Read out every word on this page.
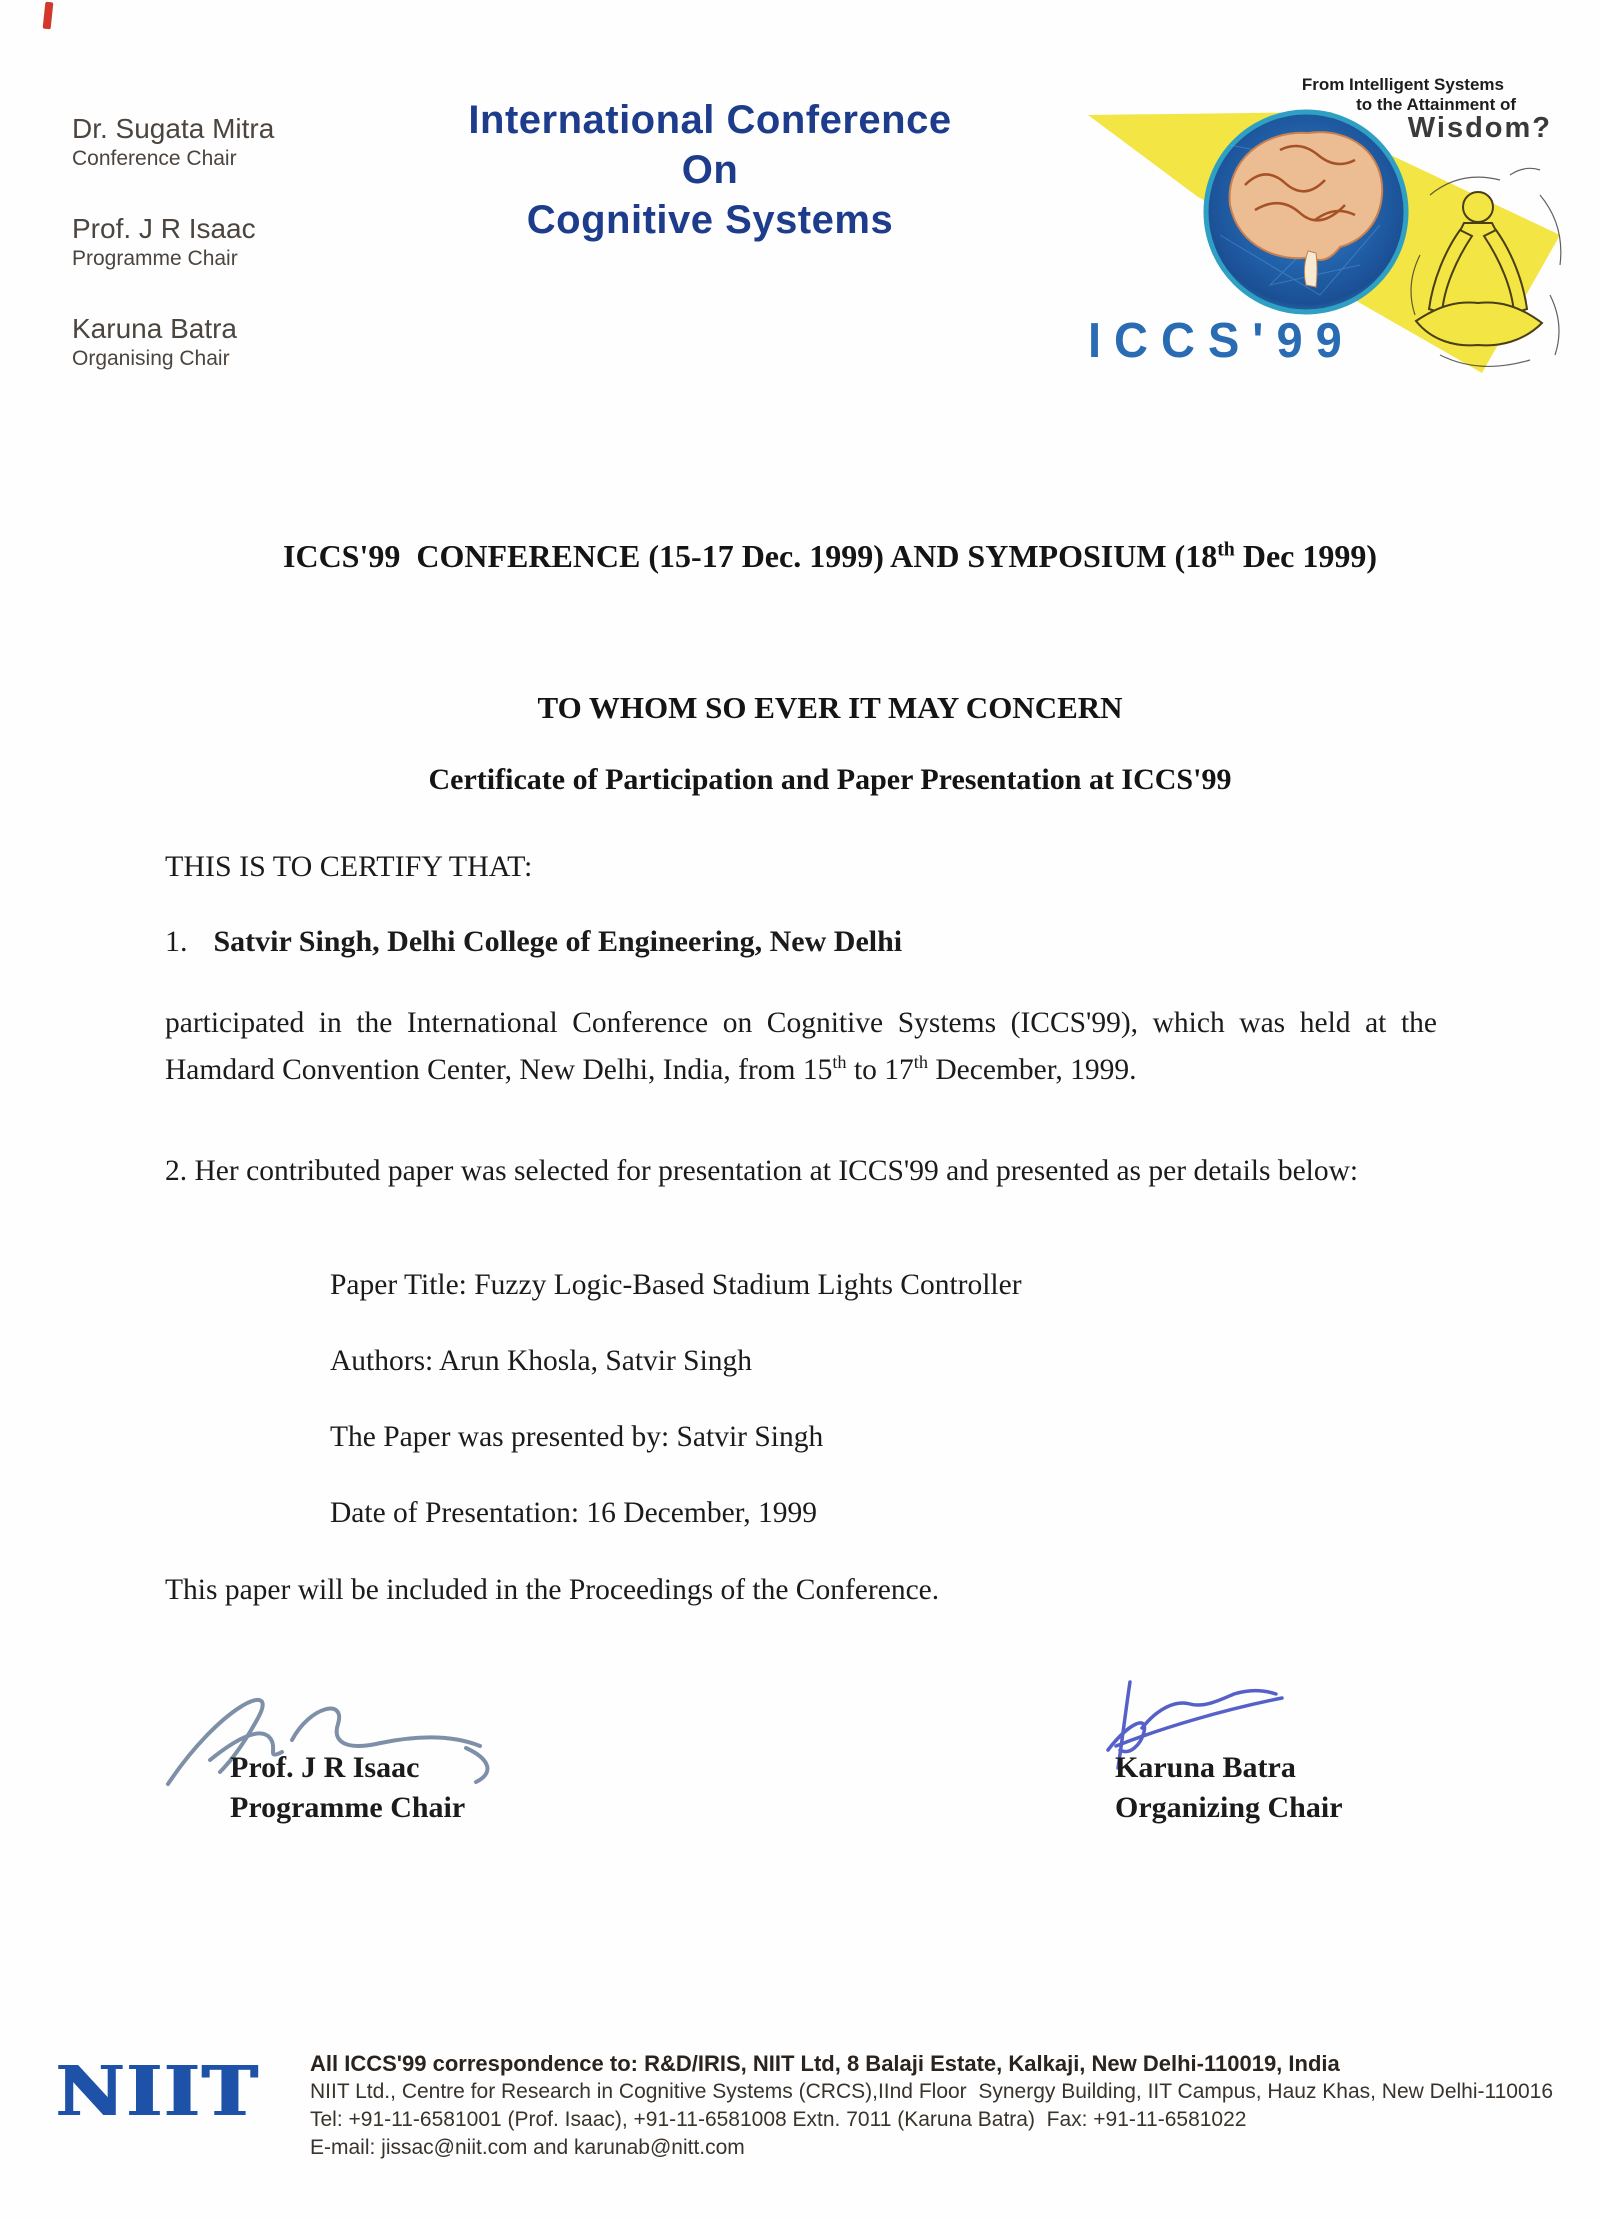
Dr. Sugata Mitra
Conference Chair
Prof. J R Isaac
Programme Chair
Karuna Batra
Organising Chair
International Conference
On
Cognitive Systems
From Intelligent Systems
to the Attainment of
Wisdom?
ICCS'99
ICCS'99  CONFERENCE (15-17 Dec. 1999) AND SYMPOSIUM (18th Dec 1999)
TO WHOM SO EVER IT MAY CONCERN
Certificate of Participation and Paper Presentation at ICCS'99
THIS IS TO CERTIFY THAT:
1. Satvir Singh, Delhi College of Engineering, New Delhi
participated in the International Conference on Cognitive Systems (ICCS'99), which was held at the Hamdard Convention Center, New Delhi, India, from 15th to 17th December, 1999.
2. Her contributed paper was selected for presentation at ICCS'99 and presented as per details below:
Paper Title: Fuzzy Logic-Based Stadium Lights Controller
Authors: Arun Khosla, Satvir Singh
The Paper was presented by: Satvir Singh
Date of Presentation: 16 December, 1999
This paper will be included in the Proceedings of the Conference.
Prof. J R Isaac
Programme Chair
Karuna Batra
Organizing Chair
NIIT All ICCS'99 correspondence to: R&D/IRIS, NIIT Ltd, 8 Balaji Estate, Kalkaji, New Delhi-110019, India
NIIT Ltd., Centre for Research in Cognitive Systems (CRCS),IInd Floor  Synergy Building, IIT Campus, Hauz Khas, New Delhi-110016
Tel: +91-11-6581001 (Prof. Isaac), +91-11-6581008 Extn. 7011 (Karuna Batra)  Fax: +91-11-6581022
E-mail: jissac@niit.com and karunab@nitt.com
